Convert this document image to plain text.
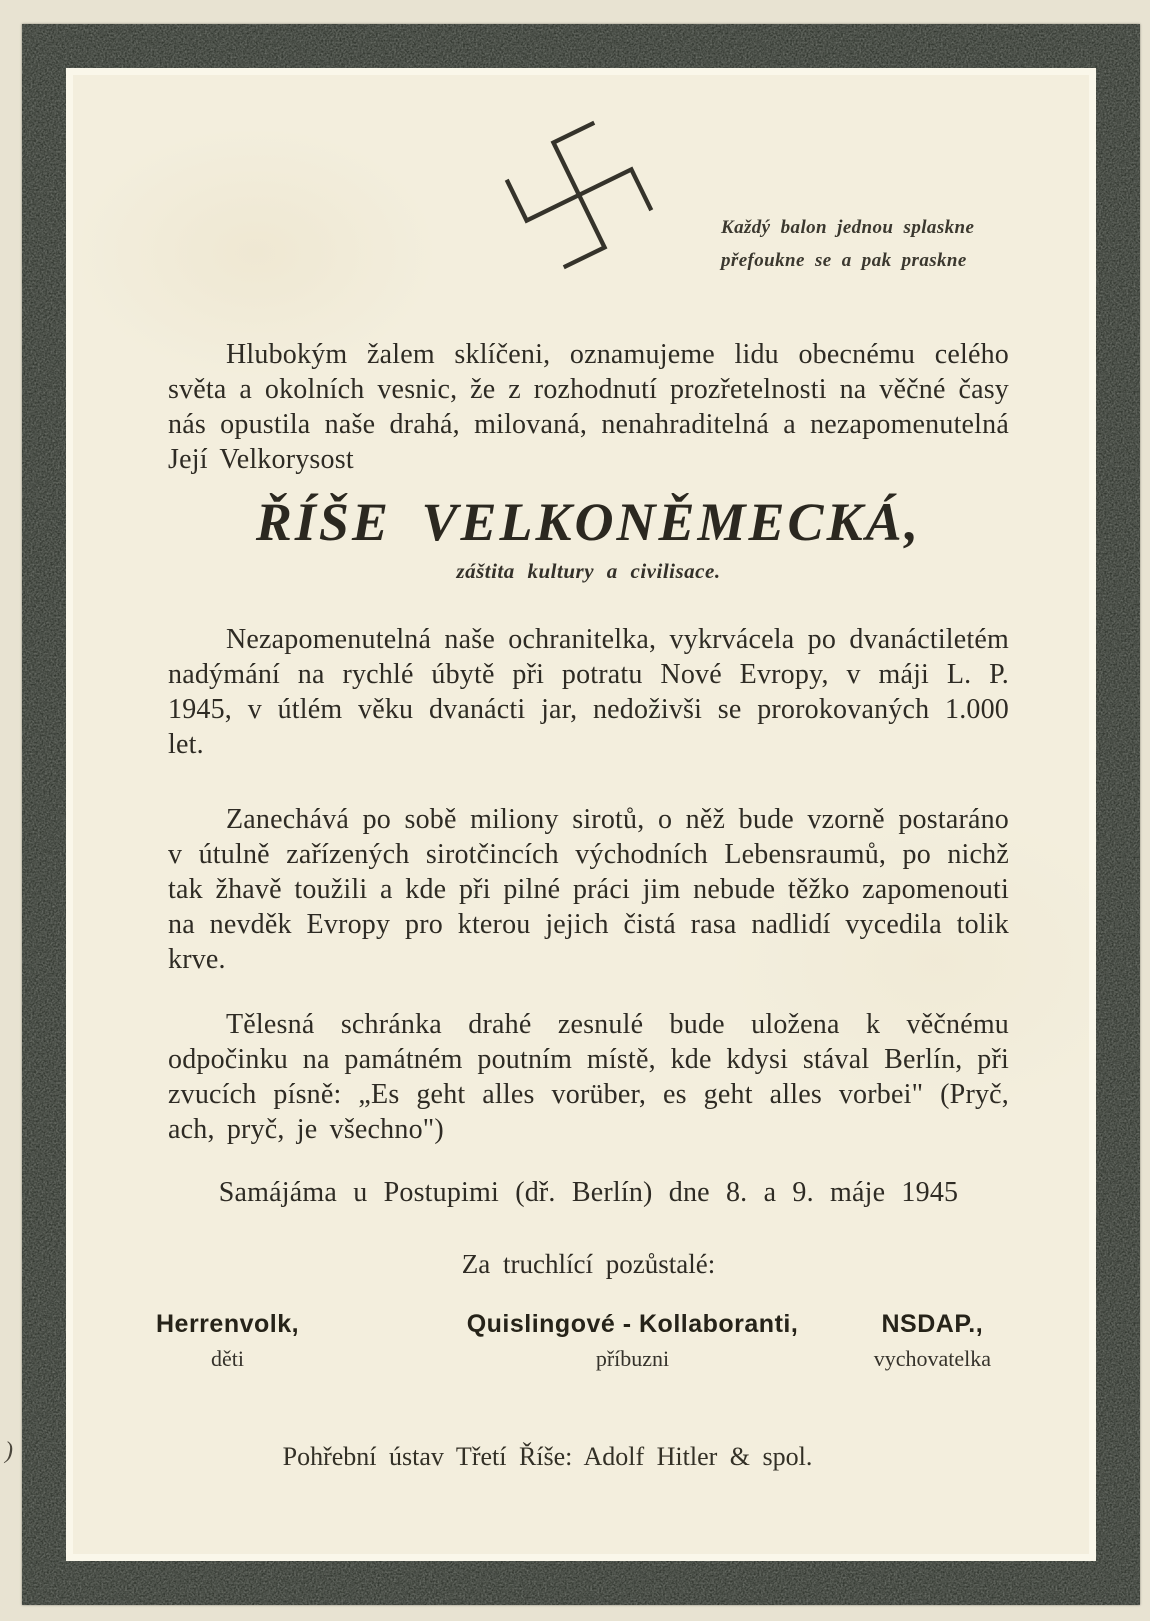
)
Každý balon jednou splaskne
přefoukne se a pak praskne

Hlubokým žalem sklíčeni, oznamujeme lidu obecnému celého světa a okolních vesnic, že z rozhodnutí prozřetelnosti na věčné časy nás opustila naše drahá, milovaná, nenahraditelná a nezapomenutelná Její Velkorysost

ŘÍŠE VELKONĚMECKÁ,
záštita kultury a civilisace.

Nezapomenutelná naše ochranitelka, vykrvácela po dvanáctiletém nadýmání na rychlé úbytě při potratu Nové Evropy, v máji L. P. 1945, v útlém věku dvanácti jar, nedoživši se prorokovaných 1.000 let.

Zanechává po sobě miliony sirotů, o něž bude vzorně postaráno v útulně zařízených sirotčincích východních Lebensraumů, po nichž tak žhavě toužili a kde při pilné práci jim nebude těžko zapomenouti na nevděk Evropy pro kterou jejich čistá rasa nadlidí vycedila tolik krve.

Tělesná schránka drahé zesnulé bude uložena k věčnému odpočinku na památném poutním místě, kde kdysi stával Berlín, při zvucích písně: „Es geht alles vorüber, es geht alles vorbei" (Pryč, ach, pryč, je všechno")

Samájáma u Postupimi (dř. Berlín) dne 8. a 9. máje 1945
Za truchlící pozůstalé:
Herrenvolk,
děti
Quislingové - Kollaboranti,
příbuzni
NSDAP.,
vychovatelka
Pohřební ústav Třetí Říše: Adolf Hitler & spol.
